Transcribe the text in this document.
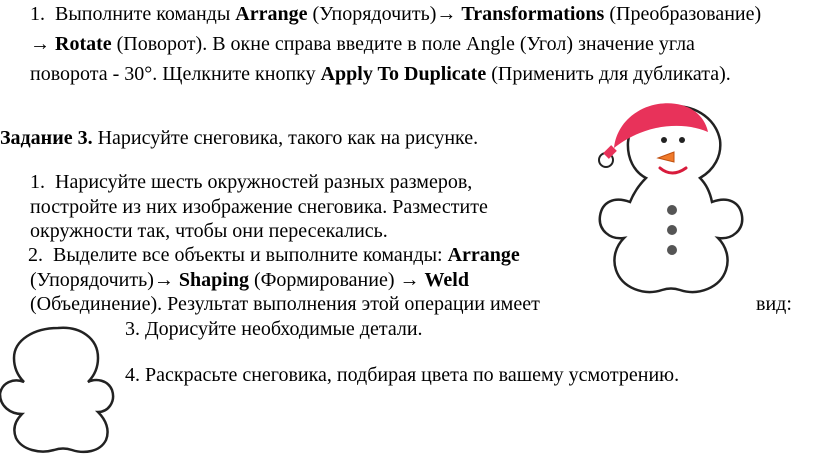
1. Выполните команды Arrange (Упорядочить)→ Transformations (Преобразование)
→ Rotate (Поворот). В окне справа введите в поле Angle (Угол) значение угла
поворота - 30°. Щелкните кнопку Apply To Duplicate (Применить для дубликата).
Задание 3. Нарисуйте снеговика, такого как на рисунке.
1. Нарисуйте шесть окружностей разных размеров,
постройте из них изображение снеговика. Разместите
окружности так, чтобы они пересекались.
2. Выделите все объекты и выполните команды: Arrange
(Упорядочить)→ Shaping (Формирование) → Weld
(Объединение). Результат выполнения этой операции имеет	вид:
3. Дорисуйте необходимые детали.
4. Раскрасьте снеговика, подбирая цвета по вашему усмотрению.
